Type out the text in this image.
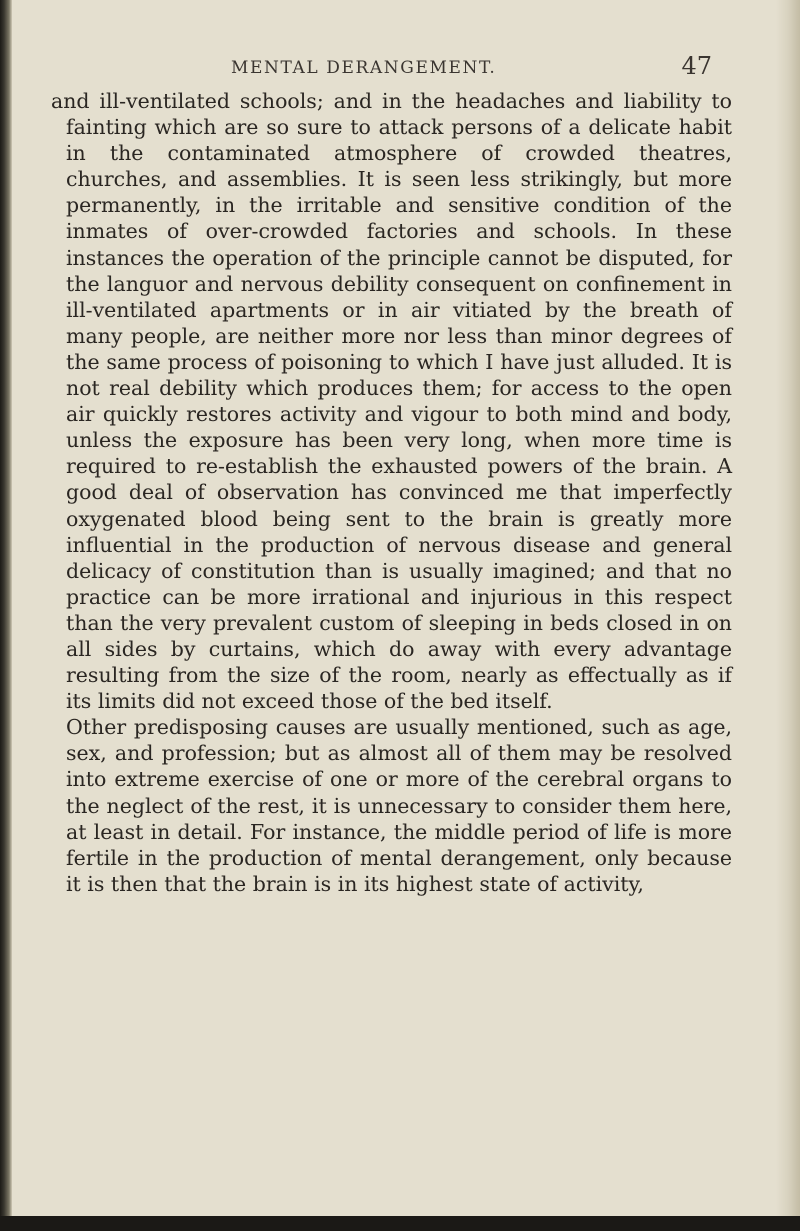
MENTAL DERANGEMENT.	47

and ill-ventilated schools; and in the headaches and liability to fainting which are so sure to attack persons of a delicate habit in the contaminated atmosphere of crowded theatres, churches, and assemblies. It is seen less strikingly, but more permanently, in the irritable and sensitive condition of the inmates of over-crowded factories and schools. In these instances the operation of the principle cannot be disputed, for the languor and nervous debility consequent on confinement in ill-ventilated apartments or in air vitiated by the breath of many people, are neither more nor less than minor degrees of the same process of poisoning to which I have just alluded. It is not real debility which produces them; for access to the open air quickly restores activity and vigour to both mind and body, unless the exposure has been very long, when more time is required to re-establish the exhausted powers of the brain. A good deal of observation has convinced me that imperfectly oxygenated blood being sent to the brain is greatly more influential in the production of nervous disease and general delicacy of constitution than is usually imagined; and that no practice can be more irrational and injurious in this respect than the very prevalent custom of sleeping in beds closed in on all sides by curtains, which do away with every advantage resulting from the size of the room, nearly as effectually as if its limits did not exceed those of the bed itself.
Other predisposing causes are usually mentioned, such as age, sex, and profession; but as almost all of them may be resolved into extreme exercise of one or more of the cerebral organs to the neglect of the rest, it is unnecessary to consider them here, at least in detail. For instance, the middle period of life is more fertile in the production of mental derangement, only because it is then that the brain is in its highest state of activity,
